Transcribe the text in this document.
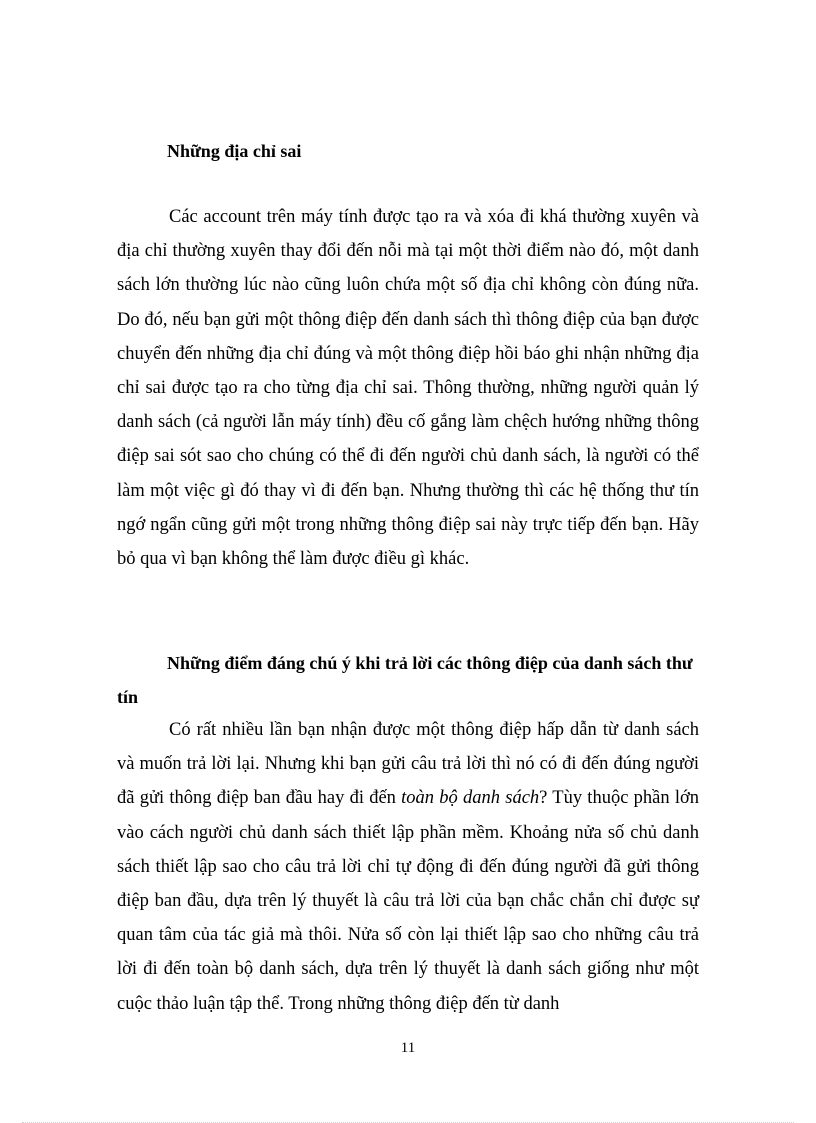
Những địa chỉ sai

Các account trên máy tính được tạo ra và xóa đi khá thường xuyên và địa chỉ thường xuyên thay đổi đến nỗi mà tại một thời điểm nào đó, một danh sách lớn thường lúc nào cũng luôn chứa một số địa chỉ không còn đúng nữa. Do đó, nếu bạn gửi một thông điệp đến danh sách thì thông điệp của bạn được chuyển đến những địa chỉ đúng và một thông điệp hồi báo ghi nhận những địa chỉ sai được tạo ra cho từng địa chỉ sai. Thông thường, những người quản lý danh sách (cả người lẫn máy tính) đều cố gắng làm chệch hướng những thông điệp sai sót sao cho chúng có thể đi đến người chủ danh sách, là người có thể làm một việc gì đó thay vì đi đến bạn. Nhưng thường thì các hệ thống thư tín ngớ ngẩn cũng gửi một trong những thông điệp sai này trực tiếp đến bạn. Hãy bỏ qua vì bạn không thể làm được điều gì khác.

Những điểm đáng chú ý khi trả lời các thông điệp của danh sách thư tín

Có rất nhiều lần bạn nhận được một thông điệp hấp dẫn từ danh sách và muốn trả lời lại. Nhưng khi bạn gửi câu trả lời thì nó có đi đến đúng người đã gửi thông điệp ban đầu hay đi đến toàn bộ danh sách? Tùy thuộc phần lớn vào cách người chủ danh sách thiết lập phần mềm. Khoảng nửa số chủ danh sách thiết lập sao cho câu trả lời chỉ tự động đi đến đúng người đã gửi thông điệp ban đầu, dựa trên lý thuyết là câu trả lời của bạn chắc chắn chỉ được sự quan tâm của tác giả mà thôi. Nửa số còn lại thiết lập sao cho những câu trả lời đi đến toàn bộ danh sách, dựa trên lý thuyết là danh sách giống như một cuộc thảo luận tập thể. Trong những thông điệp đến từ danh

11
